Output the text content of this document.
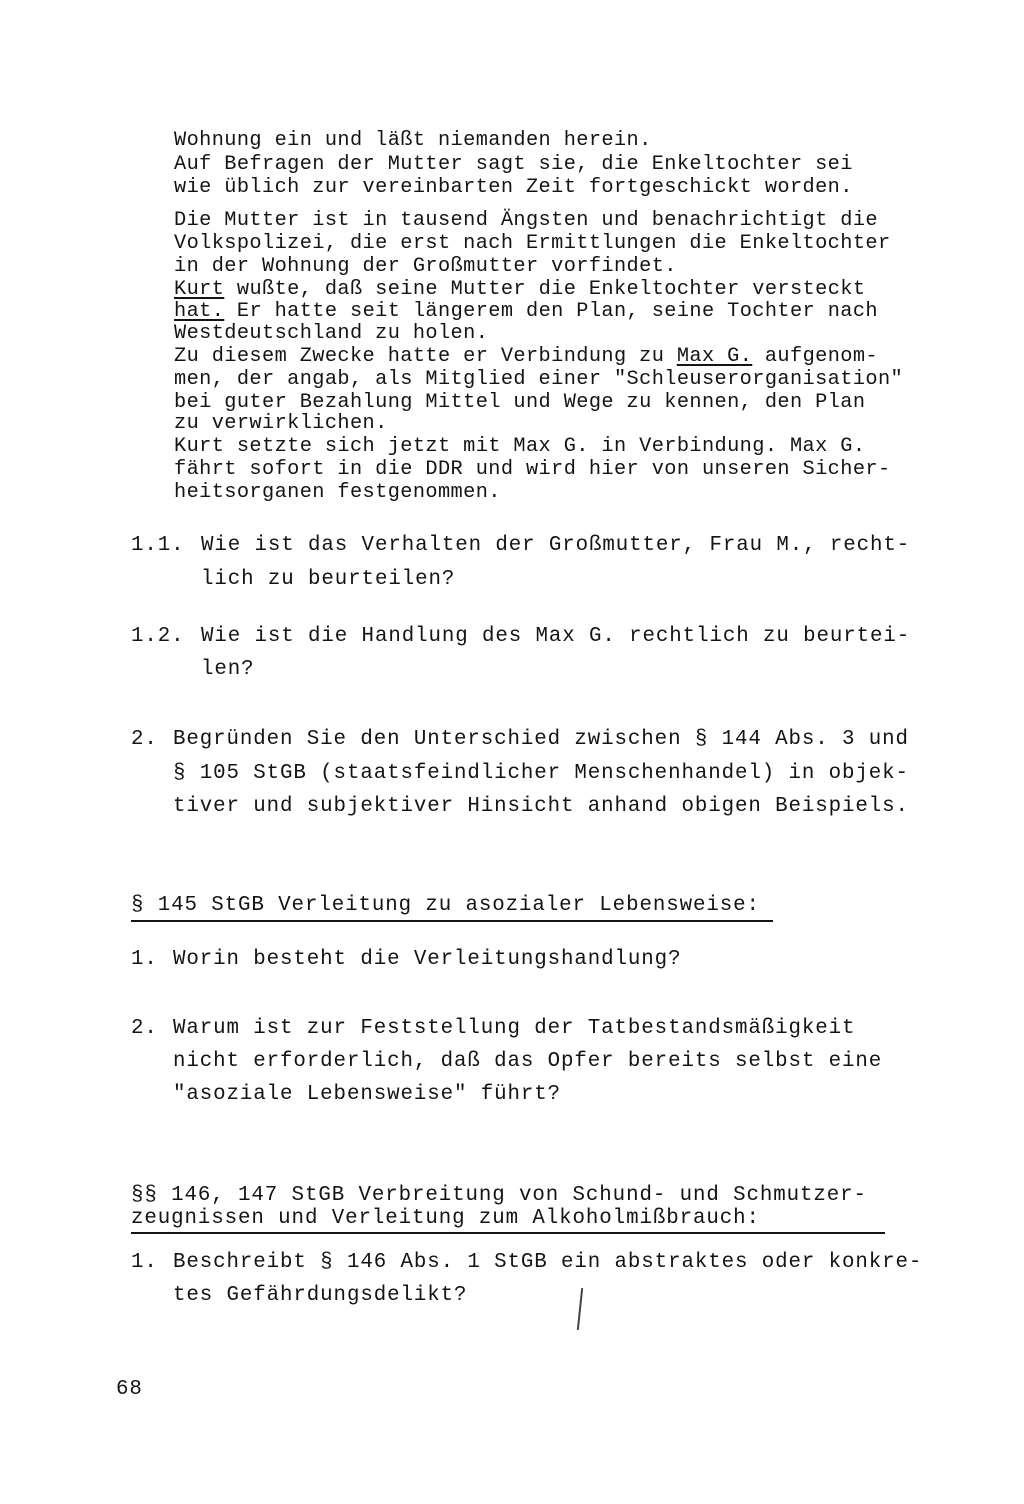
Wohnung ein und läßt niemanden herein.
Auf Befragen der Mutter sagt sie, die Enkeltochter sei
wie üblich zur vereinbarten Zeit fortgeschickt worden.
Die Mutter ist in tausend Ängsten und benachrichtigt die
Volkspolizei, die erst nach Ermittlungen die Enkeltochter
in der Wohnung der Großmutter vorfindet.
Kurt wußte, daß seine Mutter die Enkeltochter versteckt
hat. Er hatte seit längerem den Plan, seine Tochter nach
Westdeutschland zu holen.
Zu diesem Zwecke hatte er Verbindung zu Max G. aufgenom-
men, der angab, als Mitglied einer "Schleuserorganisation"
bei guter Bezahlung Mittel und Wege zu kennen, den Plan
zu verwirklichen.
Kurt setzte sich jetzt mit Max G. in Verbindung. Max G.
fährt sofort in die DDR und wird hier von unseren Sicher-
heitsorganen festgenommen.
1.1. Wie ist das Verhalten der Großmutter, Frau M., recht-
lich zu beurteilen?
1.2. Wie ist die Handlung des Max G. rechtlich zu beurtei-
len?
2. Begründen Sie den Unterschied zwischen § 144 Abs. 3 und
§ 105 StGB (staatsfeindlicher Menschenhandel) in objek-
tiver und subjektiver Hinsicht anhand obigen Beispiels.
§ 145 StGB Verleitung zu asozialer Lebensweise:
1. Worin besteht die Verleitungshandlung?
2. Warum ist zur Feststellung der Tatbestandsmäßigkeit
nicht erforderlich, daß das Opfer bereits selbst eine
"asoziale Lebensweise" führt?
§§ 146, 147 StGB Verbreitung von Schund- und Schmutzer-
zeugnissen und Verleitung zum Alkoholmißbrauch:
1. Beschreibt § 146 Abs. 1 StGB ein abstraktes oder konkre-
tes Gefährdungsdelikt?
68
